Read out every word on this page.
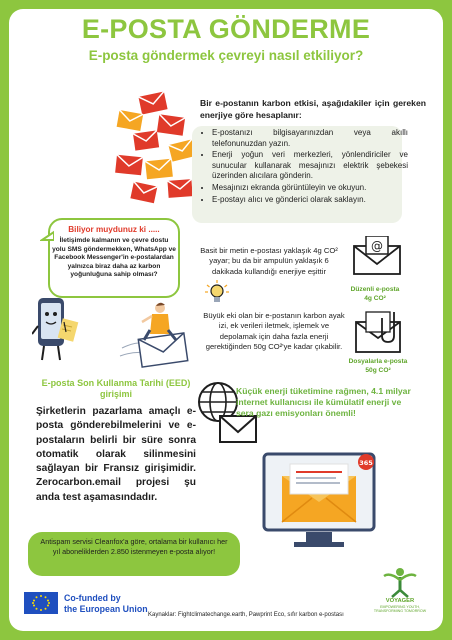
E-POSTA GÖNDERME
E-posta göndermek çevreyi nasıl etkiliyor?
Bir e-postanın karbon etkisi, aşağıdakiler için gereken enerjiye göre hesaplanır:
• E-postanızı bilgisayarınızdan veya akıllı telefonunuzdan yazın.
• Enerji yoğun veri merkezleri, yönlendiriciler ve sunucular kullanarak mesajınızı elektrik şebekesi üzerinden alıcılara gönderin.
• Mesajınızı ekranda görüntüleyin ve okuyun.
• E-postayı alıcı ve gönderici olarak saklayın.
Biliyor muydunuz ki .....
İletişimde kalmanın ve çevre dostu yolu SMS göndermekken, WhatsApp ve Facebook Messenger'in e-postalardan yalnızca biraz daha az karbon yoğunluğuna sahip olması?
Basit bir metin e-postası yaklaşık 4g CO² yayar; bu da bir ampulün yaklaşık 6 dakikada kullandığı enerjiye eşittir
@
Düzenli e-posta
4g CO²
Büyük eki olan bir e-postanın karbon ayak izi, ek verileri iletmek, işlemek ve depolamak için daha fazla enerji gerektiğinden 50g CO²'ye kadar çıkabilir.
Dosyalarla e-posta
50g CO²
E-posta Son Kullanma Tarihi (EED) girişimi
Şirketlerin pazarlama amaçlı e-posta gönderebilmelerini ve e-postaların belirli bir süre sonra otomatik olarak silinmesini sağlayan bir Fransız girişimidir. Zerocarbon.email projesi şu anda test aşamasındadır.
Küçük enerji tüketimine rağmen, 4.1 milyar internet kullanıcısı ile kümülatif enerji ve sera gazı emisyonları önemli!
365
Antispam servisi Cleanfox'a göre, ortalama bir kullanıcı her yıl aboneliklerden 2.850 istenmeyen e-posta alıyor!
Co-funded by
the European Union
Kaynaklar: Fightclimatechange.earth, Pawprint Eco, sıfır karbon e-postası
VOYAGER
EMPOWERING YOUTH, TRANSFORMING TOMORROW
